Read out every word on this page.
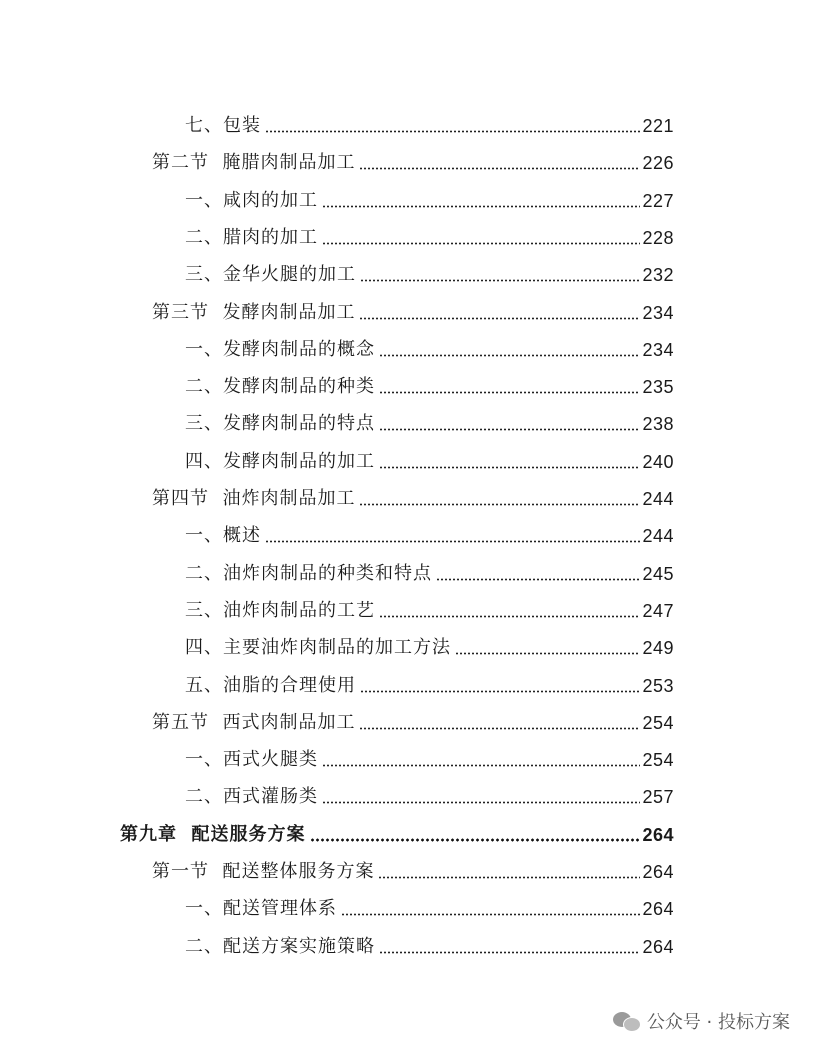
七、包装	221
第二节  腌腊肉制品加工	226
一、咸肉的加工	227
二、腊肉的加工	228
三、金华火腿的加工	232
第三节  发酵肉制品加工	234
一、发酵肉制品的概念	234
二、发酵肉制品的种类	235
三、发酵肉制品的特点	238
四、发酵肉制品的加工	240
第四节  油炸肉制品加工	244
一、概述	244
二、油炸肉制品的种类和特点	245
三、油炸肉制品的工艺	247
四、主要油炸肉制品的加工方法	249
五、油脂的合理使用	253
第五节  西式肉制品加工	254
一、西式火腿类	254
二、西式灌肠类	257
第九章  配送服务方案	264
第一节  配送整体服务方案	264
一、配送管理体系	264
二、配送方案实施策略	264
公众号 · 投标方案
